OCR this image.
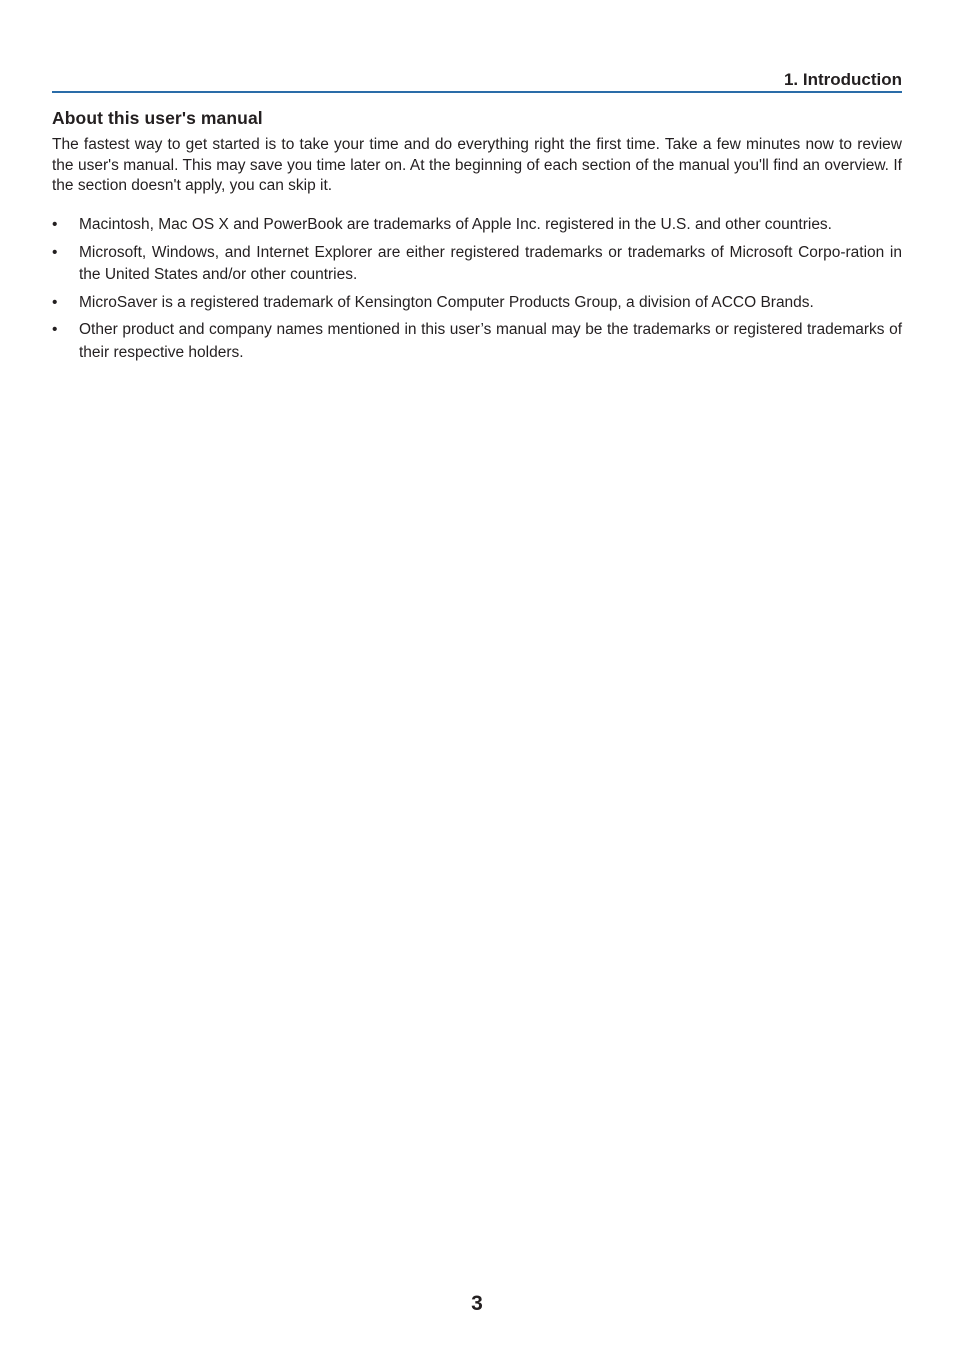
1. Introduction
About this user's manual

The fastest way to get started is to take your time and do everything right the first time. Take a few minutes now to review the user's manual. This may save you time later on. At the beginning of each section of the manual you'll find an overview. If the section doesn't apply, you can skip it.

• Macintosh, Mac OS X and PowerBook are trademarks of Apple Inc. registered in the U.S. and other countries.
• Microsoft, Windows, and Internet Explorer are either registered trademarks or trademarks of Microsoft Corpo-ration in the United States and/or other countries.
• MicroSaver is a registered trademark of Kensington Computer Products Group, a division of ACCO Brands.
• Other product and company names mentioned in this user’s manual may be the trademarks or registered trademarks of their respective holders.
3
